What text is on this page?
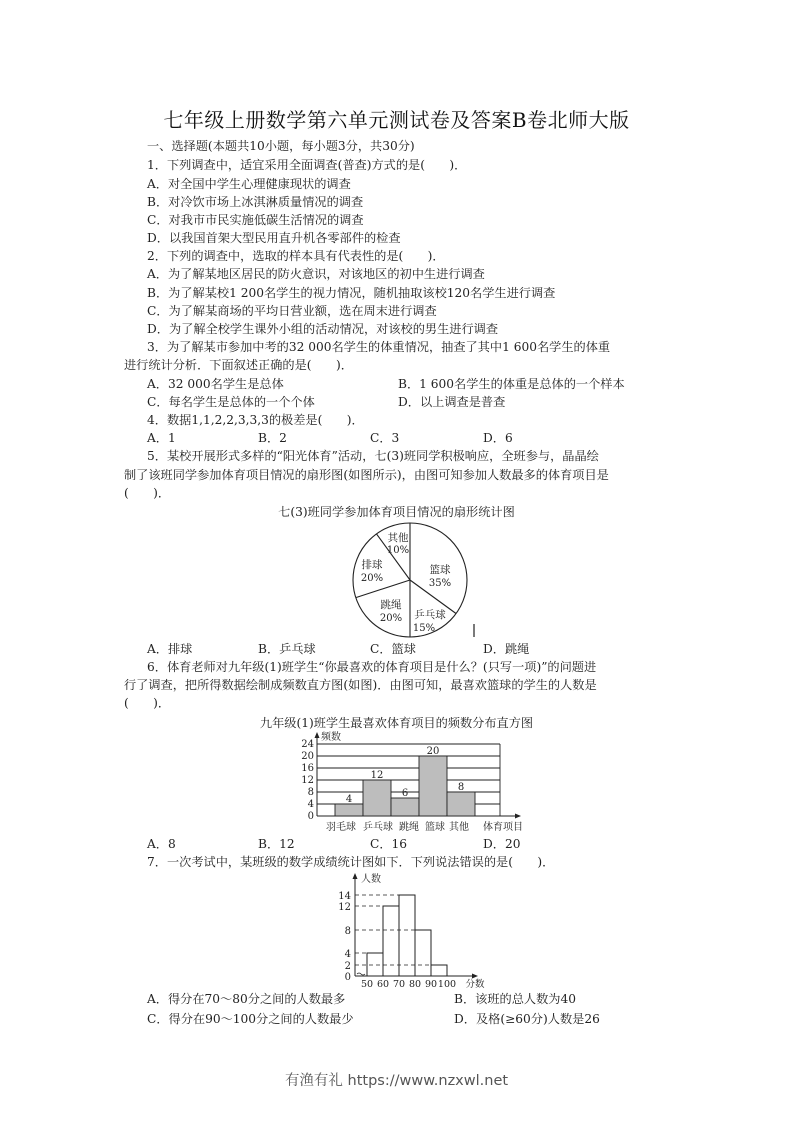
七年级上册数学第六单元测试卷及答案B卷北师大版
一、选择题(本题共10小题，每小题3分，共30分)
1．下列调查中，适宜采用全面调查(普查)方式的是(　　)．
A．对全国中学生心理健康现状的调查
B．对冷饮市场上冰淇淋质量情况的调查
C．对我市市民实施低碳生活情况的调查
D．以我国首架大型民用直升机各零部件的检查
2．下列的调查中，选取的样本具有代表性的是(　　)．
A．为了解某地区居民的防火意识，对该地区的初中生进行调查
B．为了解某校1 200名学生的视力情况，随机抽取该校120名学生进行调查
C．为了解某商场的平均日营业额，选在周末进行调查
D．为了解全校学生课外小组的活动情况，对该校的男生进行调查
3．为了解某市参加中考的32 000名学生的体重情况，抽查了其中1 600名学生的体重
进行统计分析．下面叙述正确的是(　　)．
A．32 000名学生是总体	B．1 600名学生的体重是总体的一个样本
C．每名学生是总体的一个个体	D．以上调查是普查
4．数据1,1,2,2,3,3,3的极差是(　　)．
A．1	B．2	C．3	D．6
5．某校开展形式多样的“阳光体育”活动，七(3)班同学积极响应，全班参与，晶晶绘
制了该班同学参加体育项目情况的扇形图(如图所示)，由图可知参加人数最多的体育项目是
(　　)．
七(3)班同学参加体育项目情况的扇形统计图
其他
10%
排球
20%
篮球
35%
跳绳
20% 乒乓球
15%
A．排球	B．乒乓球	C．篮球	D．跳绳
6．体育老师对九年级(1)班学生“你最喜欢的体育项目是什么？(只写一项)”的问题进
行了调查，把所得数据绘制成频数直方图(如图)．由图可知，最喜欢篮球的学生的人数是
(　　)．
九年级(1)班学生最喜欢体育项目的频数分布直方图
频数
24
20
16
12
8
4
0
4
12
6
20
8
羽毛球 乒乓球 跳绳 篮球 其他 体育项目
A．8	B．12	C．16	D．20
7．一次考试中，某班级的数学成绩统计图如下．下列说法错误的是(　　)．
人数
14
12
8
4
2
0
50 60 70 80 90 100 分数
A．得分在70～80分之间的人数最多	B．该班的总人数为40
C．得分在90～100分之间的人数最少	D．及格(≥60分)人数是26
有渔有礼 https://www.nzxwl.net
